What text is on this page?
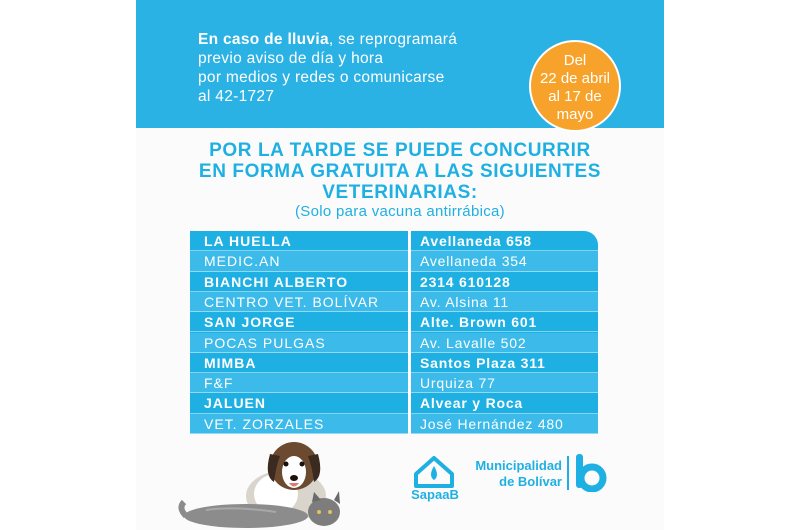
En caso de lluvia, se reprogramará
previo aviso de día y hora
por medios y redes o comunicarse
al 42-1727
Del
22 de abril
al 17 de
mayo
POR LA TARDE SE PUEDE CONCURRIR
EN FORMA GRATUITA A LAS SIGUIENTES
VETERINARIAS:
(Solo para vacuna antirrábica)
VET. ZORZALES	José Hernández 480
JALUEN	Alvear y Roca
F&F	Urquiza 77
MIMBA	Santos Plaza 311
POCAS PULGAS	Av. Lavalle 502
SAN JORGE	Alte. Brown 601
CENTRO VET. BOLÍVAR	Av. Alsina 11
BIANCHI ALBERTO	2314 610128
MEDIC.AN	Avellaneda 354
LA HUELLA	Avellaneda 658
SapaaB
Municipalidad
de Bolívar
